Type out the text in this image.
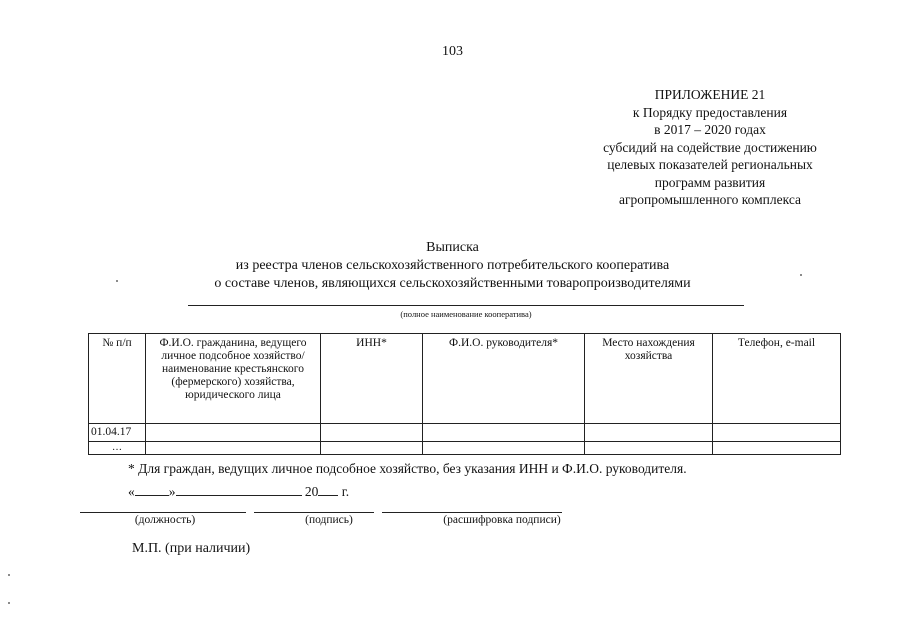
103
ПРИЛОЖЕНИЕ 21
к Порядку предоставления
в 2017 – 2020 годах
субсидий на содействие достижению
целевых показателей региональных
программ развития
агропромышленного комплекса
Выписка
из реестра членов сельскохозяйственного потребительского кооператива
о составе членов, являющихся сельскохозяйственными товаропроизводителями
(полное наименование кооператива)
№ п/п	Ф.И.О. гражданина, ведущего личное подсобное хозяйство/наименование крестьянского (фермерского) хозяйства, юридического лица	ИНН*	Ф.И.О. руководителя*	Место нахождения хозяйства	Телефон, e-mail
01.04.17					
…					
* Для граждан, ведущих личное подсобное хозяйство, без указания ИНН и Ф.И.О. руководителя.
«	»	20 г.
(должность)	(подпись)	(расшифровка подписи)
М.П. (при наличии)
